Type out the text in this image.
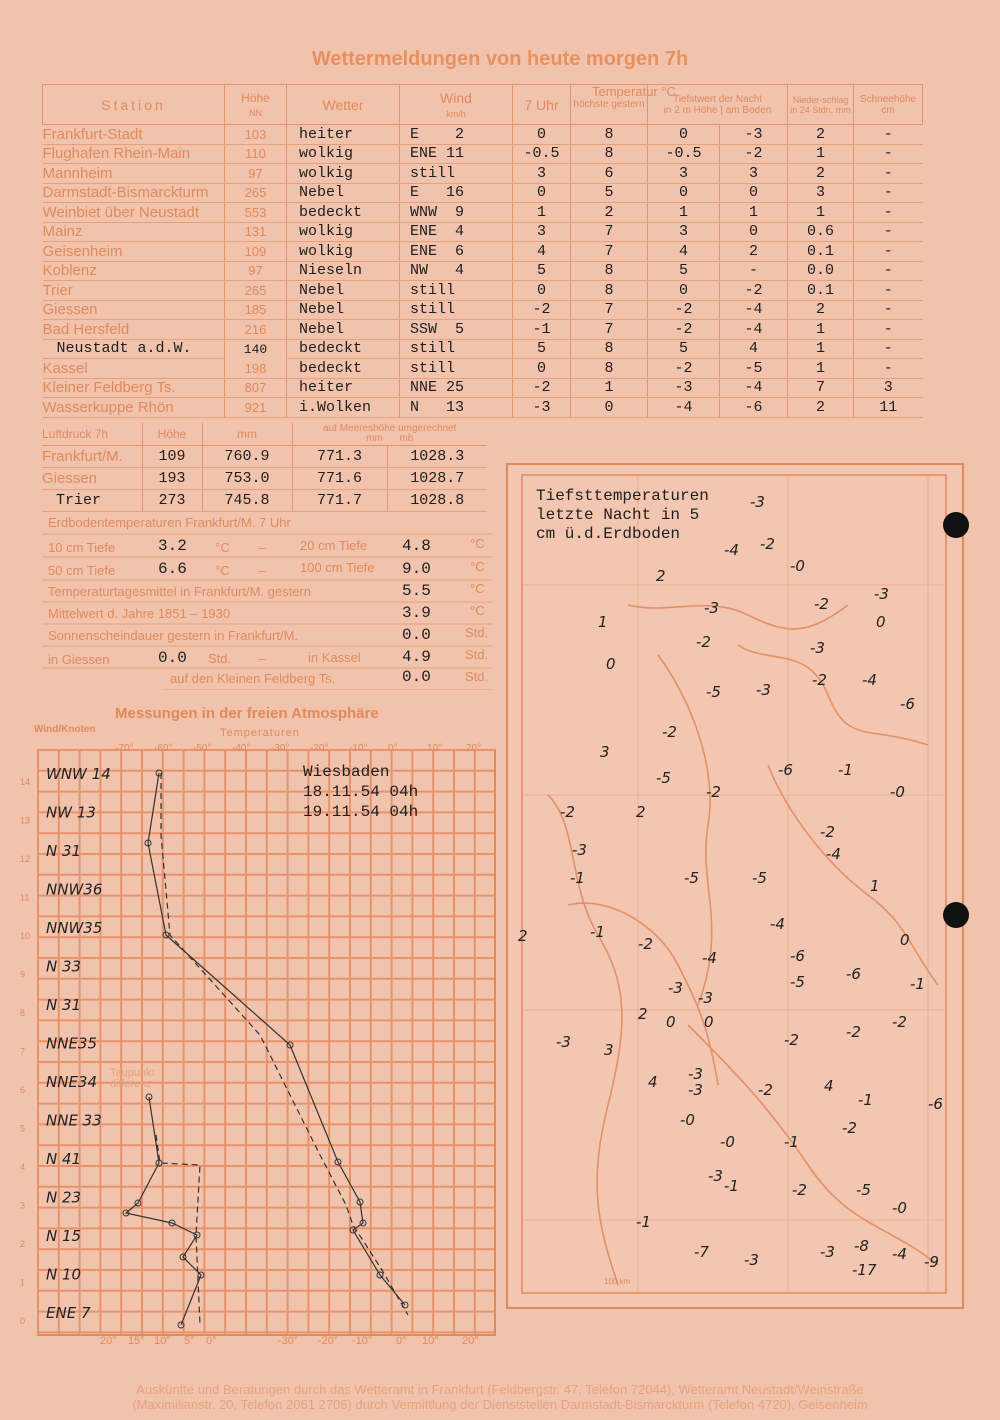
Wettermeldungen von heute morgen 7h
Station	Höhe
NN	Wetter	Wind
km/h	7 Uhr	höchste gestern	Tiefstwert der Nacht
in 2 m Höhe | am Boden		Nieder-schlag in 24 Stdn. mm	Schneehöhe
cm
Frankfurt-Stadt	103	heiter	E    2	0	8	0	-3	2	-
Flughafen Rhein-Main	110	wolkig	ENE 11	-0.5	8	-0.5	-2	1	-
Mannheim	97	wolkig	still	3	6	3	3	2	-
Darmstadt-Bismarckturm	265	Nebel	E   16	0	5	0	0	3	-
Weinbiet über Neustadt	553	bedeckt	WNW  9	1	2	1	1	1	-
Mainz	131	wolkig	ENE  4	3	7	3	0	0.6	-
Geisenheim	109	wolkig	ENE  6	4	7	4	2	0.1	-
Koblenz	97	Nieseln	NW   4	5	8	5	-	0.0	-
Trier	265	Nebel	still	0	8	0	-2	0.1	-
Giessen	185	Nebel	still	-2	7	-2	-4	2	-
Bad Hersfeld	216	Nebel	SSW  5	-1	7	-2	-4	1	-
Neustadt a.d.W.	140	bedeckt	still	5	8	5	4	1	-
Kassel	198	bedeckt	still	0	8	-2	-5	1	-
Kleiner Feldberg Ts.	807	heiter	NNE 25	-2	1	-3	-4	7	3
Wasserkuppe Rhön	921	i.Wolken	N   13	-3	0	-4	-6	2	11
Temperatur °C
Luftdruck 7h	Höhe	mm	auf Meereshöhe umgerechnet
mm mb	
Frankfurt/M.	109	760.9	771.3	1028.3
Giessen	193	753.0	771.6	1028.7
Trier	273	745.8	771.7	1028.8
Erdbodentemperaturen Frankfurt/M. 7 Uhr
10 cm Tiefe	3.2 °C –	20 cm Tiefe 4.8	°C
50 cm Tiefe	6.6 °C –	100 cm Tiefe 9.0	°C
Temperaturtagesmittel in Frankfurt/M. gestern	5.5	°C
Mittelwert d. Jahre 1851 – 1930	3.9	°C
Sonnenscheindauer gestern in Frankfurt/M.	0.0	Std.
in Giessen	0.0 Std. –	in Kassel	4.9	Std.
auf den Kleinen Feldberg Ts.	0.0	Std.
Messungen in der freien Atmosphäre
Wind/Knoten	Temperaturen
-70° -60° -50° -40° -30° -20° -10° 0°	10° 20°
20° 15° 10° 5° 0°	-30° -20° -10° 0° 10° 20°
14
13
12
11
10
9
8
7
6
5
4
3
2
1
0
WNW 14
NW 13
N 31
NNW36
NNW35
N 33
N 31
NNE35
NNE34
NNE 33
N 41
N 23
N 15
N 10
ENE 7
Wiesbaden
18.11.54 04h
19.11.54 04h
Taupunkt differenz
Tiefsttemperaturen letzte Nacht in 5 cm ü.d.Erdboden
100 km
-3
-4 -2
-0
2
-3
-2
-3
0
1
-2	-3
0
-5 -3
-2 -4
-6
-2
3
-5
-2
-6	-1
-0
-2	2
-2
-4
-3
-1	-5	-5	1
2	-1
-2
-4
-4	-6
0
-5	-6
-1
-3
2 0
-3
0
-2
-2
-2
-3 3
4 -3
-3	-2	4
-1	-6
-2
-0
-0	-1
-3
-1	-2	-5
-0
-1
-7 -3	-3 -8 -4 -9
-17
Auskünfte und Beratungen durch das Wetteramt in Frankfurt (Feldbergstr. 47, Telefon 72044), Wetteramt Neustadt/Weinstraße
(Maximilianstr. 20, Telefon 2061 2706) durch Vermittlung der Dienststellen Darmstadt-Bismarckturm (Telefon 4720), Geisenheim
